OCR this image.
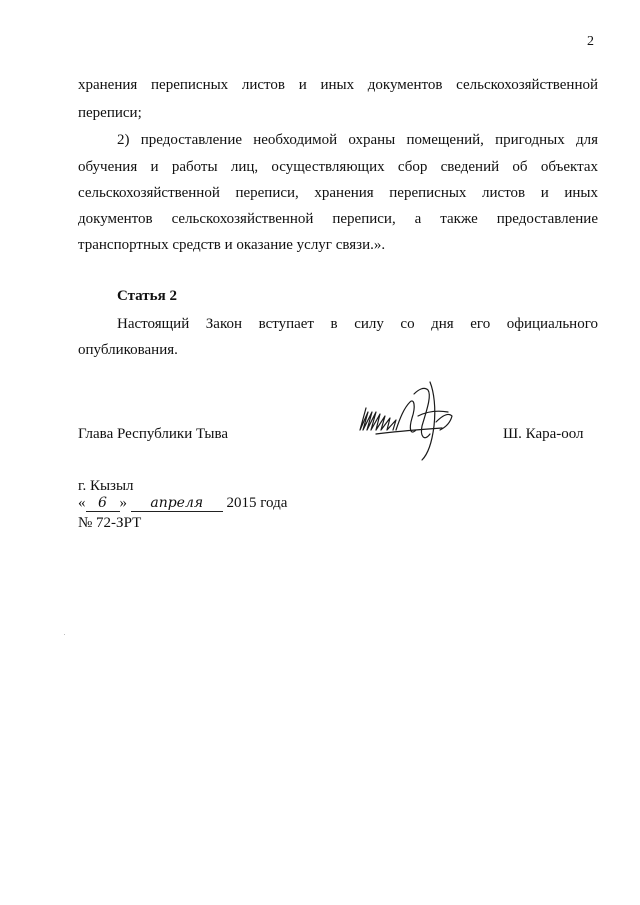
2
хранения переписных листов и иных документов сельскохозяйственной
переписи;
2) предоставление необходимой охраны помещений, пригодных для
обучения и работы лиц, осуществляющих сбор сведений об объектах
сельскохозяйственной переписи, хранения переписных листов и иных
документов сельскохозяйственной переписи, а также предоставление
транспортных средств и оказание услуг связи.».
Статья 2
Настоящий Закон вступает в силу со дня его официального
опубликования.
Глава Республики Тыва	Ш. Кара-оол
г. Кызыл
« 6 » апреля 2015 года
№ 72-ЗРТ
